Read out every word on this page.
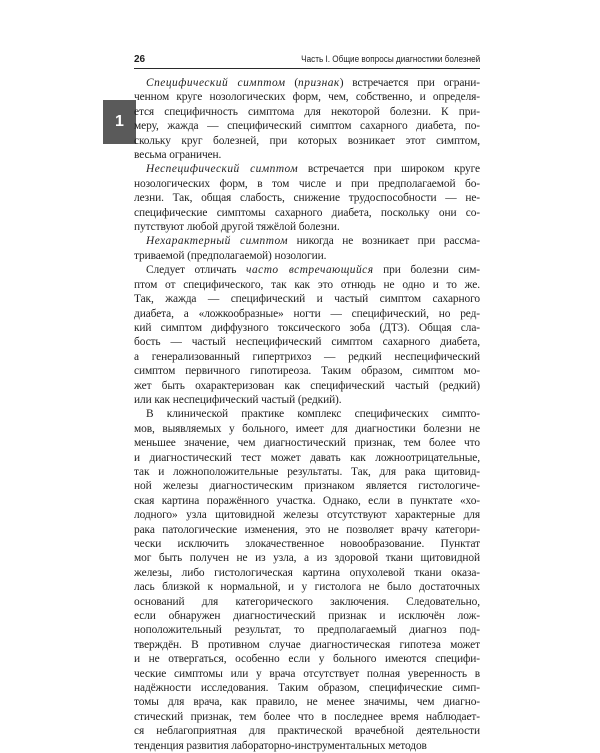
26	Часть I. Общие вопросы диагностики болезней
1

Специфический симптом (признак) встречается при ограни-
ченном круге нозологических форм, чем, собственно, и определя-
ется специфичность симптома для некоторой болезни. К при-
меру, жажда — специфический симптом сахарного диабета, по-
скольку круг болезней, при которых возникает этот симптом,
весьма ограничен.

Неспецифический симптом встречается при широком круге
нозологических форм, в том числе и при предполагаемой бо-
лезни. Так, общая слабость, снижение трудоспособности — не-
специфические симптомы сахарного диабета, поскольку они со-
путствуют любой другой тяжёлой болезни.

Нехарактерный симптом никогда не возникает при рассма-
триваемой (предполагаемой) нозологии.

Следует отличать часто встречающийся при болезни сим-
птом от специфического, так как это отнюдь не одно и то же.
Так, жажда — специфический и частый симптом сахарного
диабета, а «ложкообразные» ногти — специфический, но ред-
кий симптом диффузного токсического зоба (ДТЗ). Общая сла-
бость — частый неспецифический симптом сахарного диабета,
а генерализованный гипертрихоз — редкий неспецифический
симптом первичного гипотиреоза. Таким образом, симптом мо-
жет быть охарактеризован как специфический частый (редкий)
или как неспецифический частый (редкий).

В клинической практике комплекс специфических симпто-
мов, выявляемых у больного, имеет для диагностики болезни не
меньшее значение, чем диагностический признак, тем более что
и диагностический тест может давать как ложноотрицательные,
так и ложноположительные результаты. Так, для рака щитовид-
ной железы диагностическим признаком является гистологиче-
ская картина поражённого участка. Однако, если в пунктате «хо-
лодного» узла щитовидной железы отсутствуют характерные для
рака патологические изменения, это не позволяет врачу категори-
чески исключить злокачественное новообразование. Пунктат
мог быть получен не из узла, а из здоровой ткани щитовидной
железы, либо гистологическая картина опухолевой ткани оказа-
лась близкой к нормальной, и у гистолога не было достаточных
оснований для категорического заключения. Следовательно,
если обнаружен диагностический признак и исключён лож-
ноположительный результат, то предполагаемый диагноз под-
тверждён. В противном случае диагностическая гипотеза может
и не отвергаться, особенно если у больного имеются специфи-
ческие симптомы или у врача отсутствует полная уверенность в
надёжности исследования. Таким образом, специфические симп-
томы для врача, как правило, не менее значимы, чем диагно-
стический признак, тем более что в последнее время наблюдает-
ся неблагоприятная для практической врачебной деятельности
тенденция развития лабораторно-инструментальных методов
